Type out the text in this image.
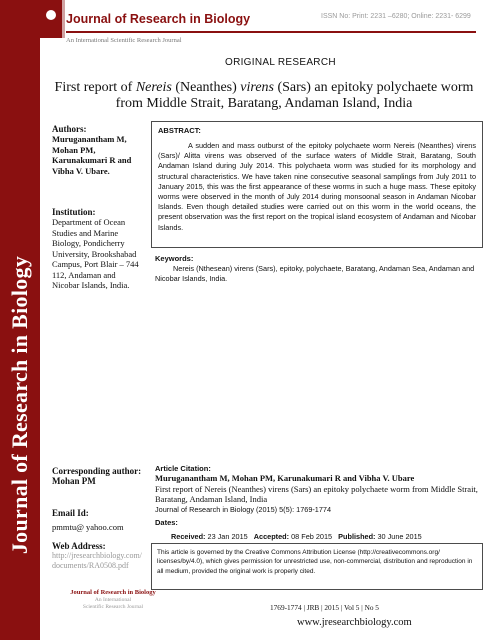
Journal of Research in Biology
Journal of Research in Biology	ISSN No: Print: 2231 –6280; Online: 2231- 6299
An International Scientific Research Journal
ORIGINAL RESEARCH
First report of Nereis (Neanthes) virens (Sars) an epitoky polychaete worm from Middle Strait, Baratang, Andaman Island, India
Authors:
Muruganantham M, Mohan PM, Karunakumari R and Vibha V. Ubare.
Institution:
Department of Ocean Studies and Marine Biology, Pondicherry University, Brookshabad Campus, Port Blair – 744 112, Andaman and Nicobar Islands, India.
ABSTRACT:

A sudden and mass outburst of the epitoky polychaete worm Nereis (Neanthes) virens (Sars)/ Alitta virens was observed of the surface waters of Middle Strait, Baratang, South Andaman Island during July 2014. This polychaeta worm was studied for its morphology and structural characteristics. We have taken nine consecutive seasonal samplings from July 2011 to January 2015, this was the first appearance of these worms in such a huge mass. These epitoky worms were observed in the month of July 2014 during monsoonal season in Andaman Nicobar Islands. Even though detailed studies were carried out on this worm in the world oceans, the present observation was the first report on the tropical island ecosystem of Andaman and Nicobar Islands.

Keywords:
Nereis (Nthesean) virens (Sars), epitoky, polychaete, Baratang, Andaman Sea, Andaman and Nicobar Islands, India.
Corresponding author:
Mohan PM
Email Id:
pmmtu@ yahoo.com
Web Address:
http://jresearchbiology.com/
documents/RA0508.pdf
Article Citation:
Muruganantham M, Mohan PM, Karunakumari R and Vibha V. Ubare
First report of Nereis (Neanthes) virens (Sars) an epitoky polychaete worm from Middle Strait, Baratang, Andaman Island, India
Journal of Research in Biology (2015) 5(5): 1769-1774
Dates:
Received: 23 Jan 2015 Accepted: 08 Feb 2015 Published: 30 June 2015
This article is governed by the Creative Commons Attribution License (http://creativecommons.org/ licenses/by/4.0), which gives permission for unrestricted use, non-commercial, distribution and reproduction in all medium, provided the original work is properly cited.
Journal of Research in Biology
An International
Scientific Research Journal	1769-1774 | JRB | 2015 | Vol 5 | No 5
www.jresearchbiology.com
